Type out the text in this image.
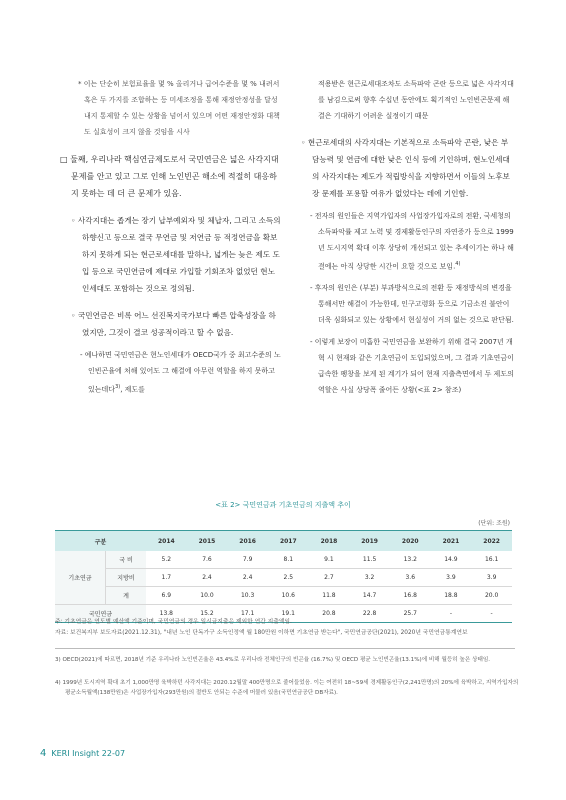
* 이는 단순히 보험료율을 몇 % 올리거나 급여수준을 몇 % 내려서 혹은 두 가지를 조합하는 등 미세조정을 통해 재정안정성을 달성 내지 통제할 수 있는 상황을 넘어서 있으며 어떤 재정안정화 대책도 실효성이 크지 않을 것임을 시사
□ 둘째, 우리나라 핵심연금제도로서 국민연금은 넓은 사각지대 문제를 안고 있고 그로 인해 노인빈곤 해소에 적절히 대응하지 못하는 데 더 큰 문제가 있음.
◦ 사각지대는 좁게는 장기 납부예외자 및 체납자, 그리고 소득의 하향신고 등으로 결국 무연금 및 저연금 등 적정연금을 확보하지 못하게 되는 현근로세대를 말하나, 넓게는 늦은 제도 도입 등으로 국민연금에 제대로 가입할 기회조차 없었던 현노인세대도 포함하는 것으로 정의됨.
◦ 국민연금은 비록 어느 선진복지국가보다 빠른 압축성장을 하였지만, 그것이 결코 성공적이라고 할 수 없음.
- 예나하면 국민연금은 현노인세대가 OECD국가 중 최고수준의 노인빈곤율에 처해 있어도 그 해결에 아무런 역할을 하지 못하고 있는데다$^{3)}$, 제도를
적용받은 현근로세대조차도 소득파악 곤란 등으로 넓은 사각지대를 남김으로써 향후 수십년 동안에도 획기적인 노인빈곤문제 해결은 기대하기 어려운 실정이기 때문
◦ 현근로세대의 사각지대는 기본적으로 소득파악 곤란, 낮은 부담능력 및 연금에 대한 낮은 인식 등에 기인하며, 현노인세대의 사각지대는 제도가 적립방식을 지향하면서 이들의 노후보장 문제를 포용할 여유가 없었다는 데에 기인함.
- 전자의 원인들은 지역가입자의 사업장가입자로의 전환, 국세청의 소득파악률 제고 노력 및 경제활동인구의 자연증가 등으로 1999년 도시지역 확대 이후 상당히 개선되고 있는 추세이기는 하나 해결에는 아직 상당한 시간이 요할 것으로 보임.$^{4)}$
- 후자의 원인은 (부분) 부과방식으로의 전환 등 재정방식의 변경을 통해서만 해결이 가능한데, 인구고령화 등으로 기금소진 불안이 더욱 심화되고 있는 상황에서 현실성이 거의 없는 것으로 판단됨.
- 이렇게 보장이 미흡한 국민연금을 보완하기 위해 결국 2007년 개혁 시 현재와 같은 기초연금이 도입되었으며, 그 결과 기초연금이 급속한 팽창을 보게 된 계기가 되어 현재 지출측면에서 두 제도의 역할은 사실 상당폭 줄어든 상황(<표 2> 참조)
<표 2> 국민연금과 기초연금의 지출액 추이
(단위: 조원)
구분		2014	2015	2016	2017	2018	2019	2020	2021	2022
기초연금	국 비	5.2	7.6	7.9	8.1	9.1	11.5	13.2	14.9	16.1
	지방비	1.7	2.4	2.4	2.5	2.7	3.2	3.6	3.9	3.9
	계	6.9	10.0	10.3	10.6	11.8	14.7	16.8	18.8	20.0
국민연금		13.8	15.2	17.1	19.1	20.8	22.8	25.7	-	-
주: 기초연금은 연도별 예산액 기준이며, 국민연금의 경우 일시금지출은 제외한 연간 지출액임.
자료: 보건복지부 보도자료(2021.12.31), "내년 노인 단독가구 소득인정액 월 180만원 이하면 기초연금 받는다", 국민연금공단(2021), 2020년 국민연금통계연보
3) OECD(2021)에 따르면, 2018년 기준 우리나라 노인빈곤율은 43.4%로 우리나라 전체인구의 빈곤율 (16.7%) 및 OECD 평균 노인빈곤율(13.1%)에 비해 월등히 높은 상태임.
4) 1999년 도시지역 확대 초기 1,000만명 육박하던 사각지대는 2020.12월말 400만명으로 줄어들었음. 이는 여전히 18~59세 경제활동인구(2,241만명)의 20%에 육박하고, 지역가입자의 평균소득월액(138만원)은 사업장가입자(293만원)의 절반도 안되는 수준에 머물러 있음(국민연금공단 DB자료).
4 KERI Insight 22-07
